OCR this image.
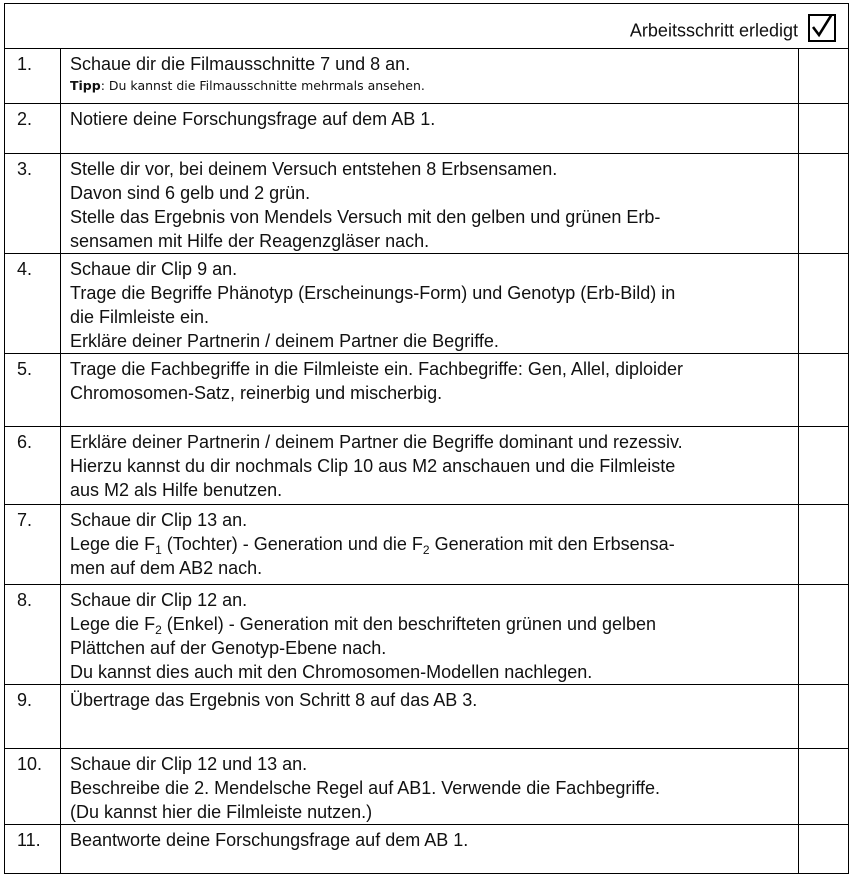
Arbeitsschritt erledigt		

1.	Schaue dir die Filmausschnitte 7 und 8 an.
Tipp: Du kannst die Filmausschnitte mehrmals ansehen.	

2.	Notiere deine Forschungsfrage auf dem AB 1.	

3.	Stelle dir vor, bei deinem Versuch entstehen 8 Erbsensamen.
Davon sind 6 gelb und 2 grün.
Stelle das Ergebnis von Mendels Versuch mit den gelben und grünen Erb-
sensamen mit Hilfe der Reagenzgläser nach.	

4.	Schaue dir Clip 9 an.
Trage die Begriffe Phänotyp (Erscheinungs-Form) und Genotyp (Erb-Bild) in
die Filmleiste ein.
Erkläre deiner Partnerin / deinem Partner die Begriffe.	

5.	Trage die Fachbegriffe in die Filmleiste ein. Fachbegriffe: Gen, Allel, diploider
Chromosomen-Satz, reinerbig und mischerbig.	

6.	Erkläre deiner Partnerin / deinem Partner die Begriffe dominant und rezessiv.
Hierzu kannst du dir nochmals Clip 10 aus M2 anschauen und die Filmleiste
aus M2 als Hilfe benutzen.	

7.	Schaue dir Clip 13 an.
Lege die $F_1$ (Tochter) - Generation und die $F_2$ Generation mit den Erbsensa-
men auf dem AB2 nach.	

8.	Schaue dir Clip 12 an.
Lege die $F_2$ (Enkel) - Generation mit den beschrifteten grünen und gelben
Plättchen auf der Genotyp-Ebene nach.
Du kannst dies auch mit den Chromosomen-Modellen nachlegen.	

9.	Übertrage das Ergebnis von Schritt 8 auf das AB 3.	

10.	Schaue dir Clip 12 und 13 an.
Beschreibe die 2. Mendelsche Regel auf AB1. Verwende die Fachbegriffe.
(Du kannst hier die Filmleiste nutzen.)	

11.	Beantworte deine Forschungsfrage auf dem AB 1.	
